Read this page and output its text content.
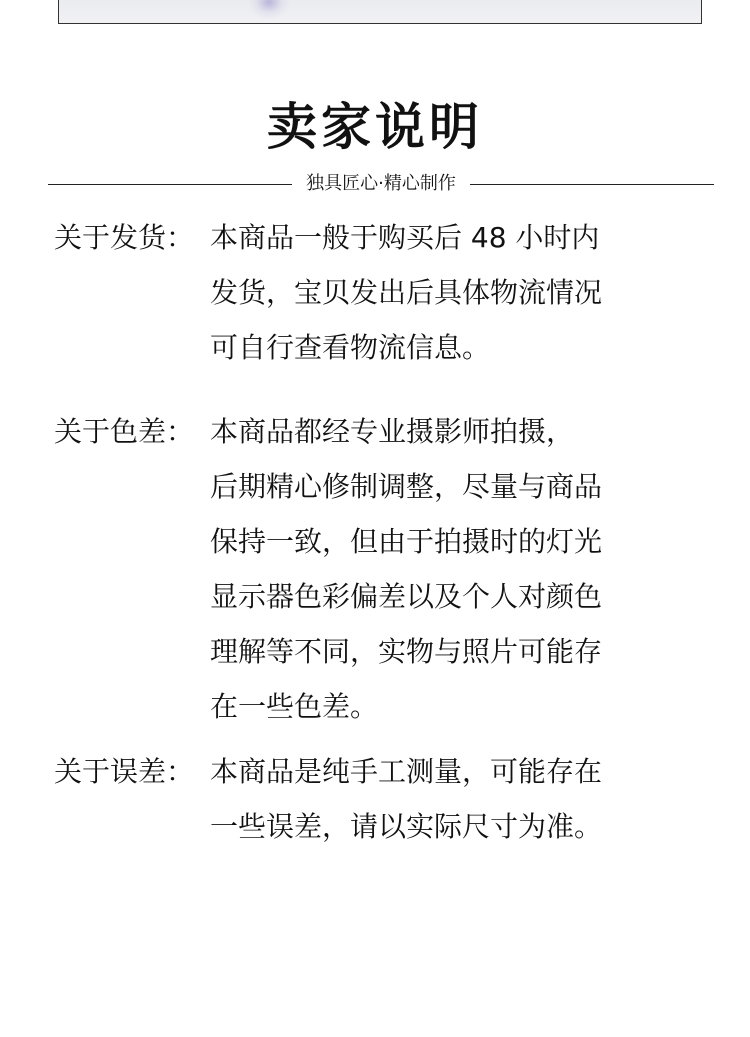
卖家说明
独具匠心·精心制作
关于发货： 本商品一般于购买后 48 小时内
发货，宝贝发出后具体物流情况
可自行查看物流信息。
关于色差： 本商品都经专业摄影师拍摄，
后期精心修制调整，尽量与商品
保持一致，但由于拍摄时的灯光
显示器色彩偏差以及个人对颜色
理解等不同，实物与照片可能存
在一些色差。
关于误差： 本商品是纯手工测量，可能存在
一些误差，请以实际尺寸为准。
